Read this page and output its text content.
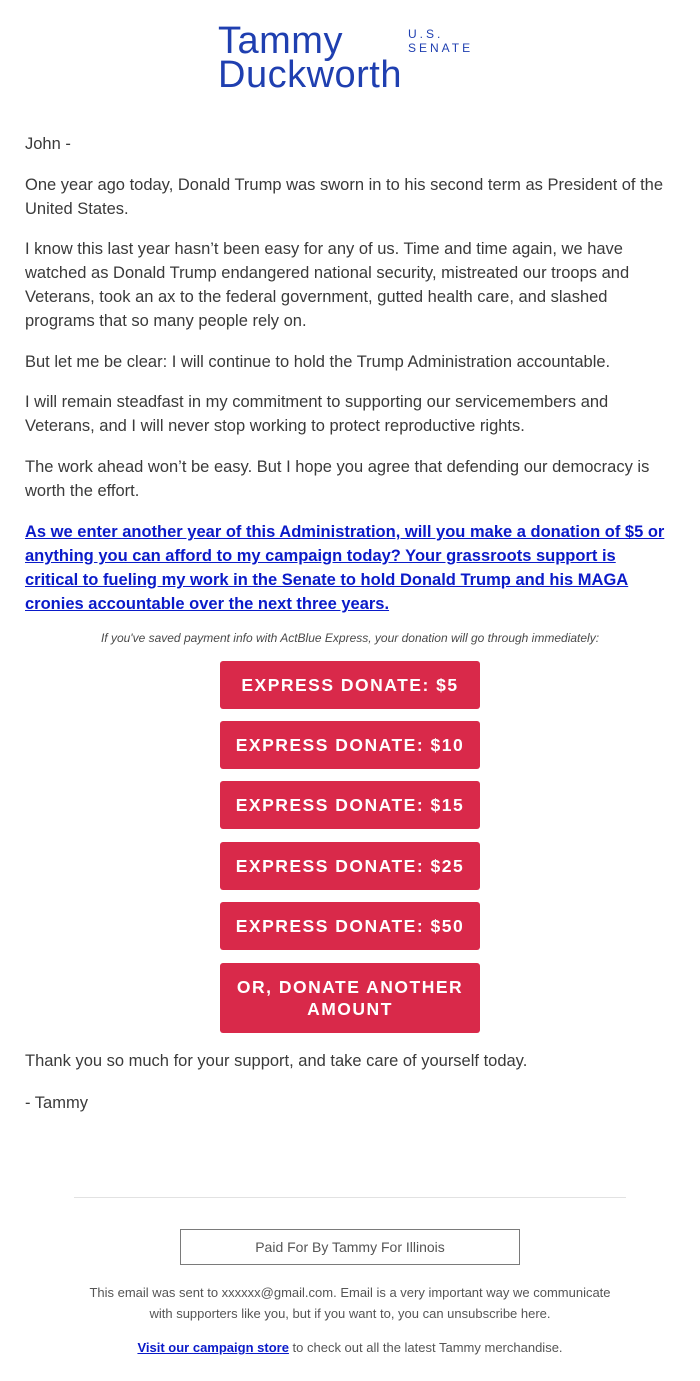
Tammy
Duckworth
U.S.
SENATE

John -

One year ago today, Donald Trump was sworn in to his second term as President of the United States.

I know this last year hasn’t been easy for any of us. Time and time again, we have watched as Donald Trump endangered national security, mistreated our troops and Veterans, took an ax to the federal government, gutted health care, and slashed programs that so many people rely on.

But let me be clear: I will continue to hold the Trump Administration accountable.

I will remain steadfast in my commitment to supporting our servicemembers and Veterans, and I will never stop working to protect reproductive rights.

The work ahead won’t be easy. But I hope you agree that defending our democracy is worth the effort.

As we enter another year of this Administration, will you make a donation of $5 or anything you can afford to my campaign today? Your grassroots support is critical to fueling my work in the Senate to hold Donald Trump and his MAGA cronies accountable over the next three years.

If you've saved payment info with ActBlue Express, your donation will go through immediately:
EXPRESS DONATE: $5
EXPRESS DONATE: $10
EXPRESS DONATE: $15
EXPRESS DONATE: $25
EXPRESS DONATE: $50
OR, DONATE ANOTHER AMOUNT

Thank you so much for your support, and take care of yourself today.

- Tammy

Paid For By Tammy For Illinois
This email was sent to xxxxxx@gmail.com. Email is a very important way we communicate with supporters like you, but if you want to, you can unsubscribe here.
Visit our campaign store to check out all the latest Tammy merchandise.
